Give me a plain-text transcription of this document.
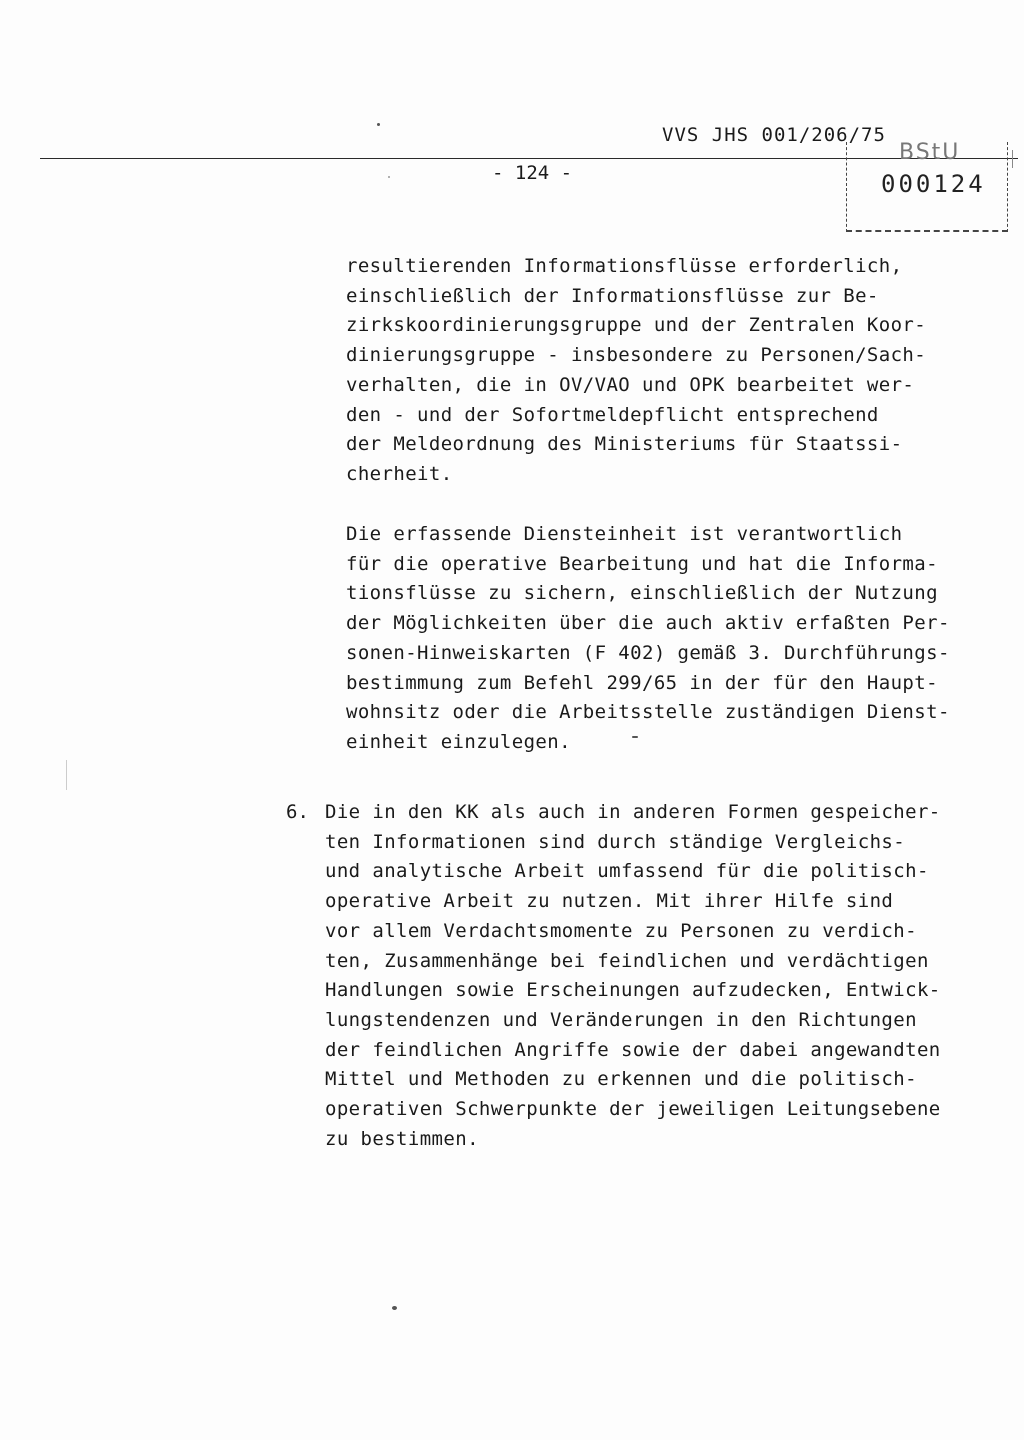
VVS JHS 001/206/75
- 124 -
BStU
000124
resultierenden Informationsflüsse erforderlich,
einschließlich der Informationsflüsse zur Be-
zirkskoordinierungsgruppe und der Zentralen Koor-
dinierungsgruppe - insbesondere zu Personen/Sach-
verhalten, die in OV/VAO und OPK bearbeitet wer-
den - und der Sofortmeldepflicht entsprechend
der Meldeordnung des Ministeriums für Staatssi-
cherheit.
Die erfassende Diensteinheit ist verantwortlich
für die operative Bearbeitung und hat die Informa-
tionsflüsse zu sichern, einschließlich der Nutzung
der Möglichkeiten über die auch aktiv erfaßten Per-
sonen-Hinweiskarten (F 402) gemäß 3. Durchführungs-
bestimmung zum Befehl 299/65 in der für den Haupt-
wohnsitz oder die Arbeitsstelle zuständigen Dienst-
einheit einzulegen.
6. Die in den KK als auch in anderen Formen gespeicher-
ten Informationen sind durch ständige Vergleichs-
und analytische Arbeit umfassend für die politisch-
operative Arbeit zu nutzen. Mit ihrer Hilfe sind
vor allem Verdachtsmomente zu Personen zu verdich-
ten, Zusammenhänge bei feindlichen und verdächtigen
Handlungen sowie Erscheinungen aufzudecken, Entwick-
lungstendenzen und Veränderungen in den Richtungen
der feindlichen Angriffe sowie der dabei angewandten
Mittel und Methoden zu erkennen und die politisch-
operativen Schwerpunkte der jeweiligen Leitungsebene
zu bestimmen.
